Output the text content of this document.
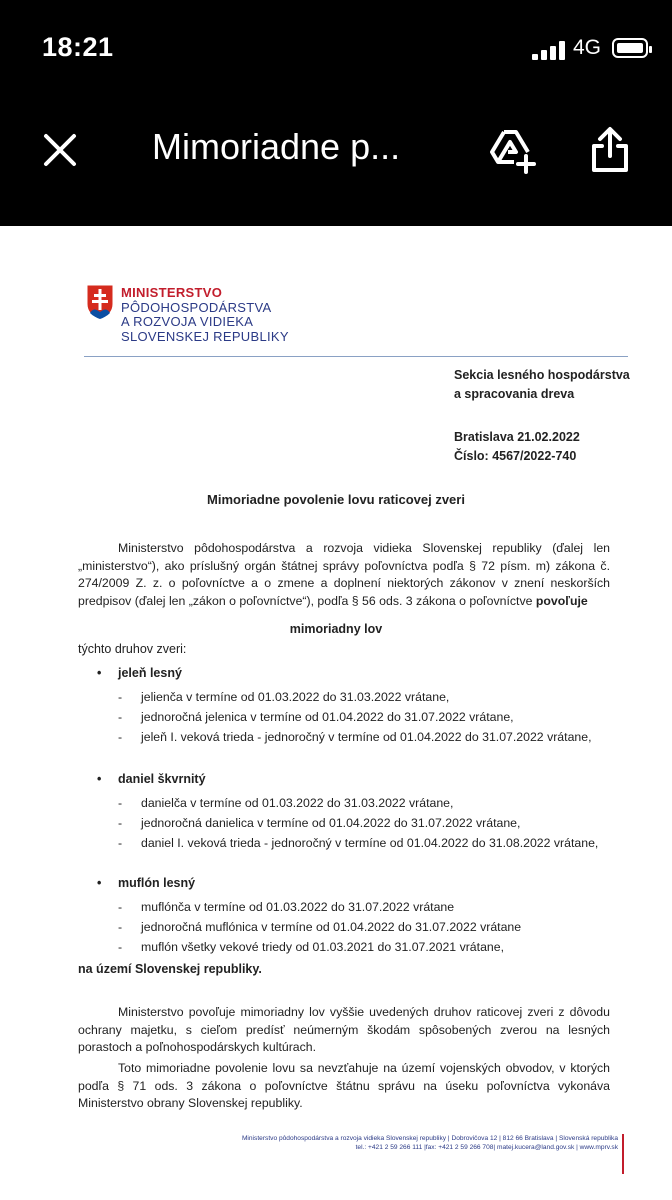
18:21	4G
Mimoriadne p...
MINISTERSTVO
PÔDOHOSPODÁRSTVA
A ROZVOJA VIDIEKA
SLOVENSKEJ REPUBLIKY
Sekcia lesného hospodárstva
a spracovania dreva
Bratislava 21.02.2022
Číslo: 4567/2022-740
Mimoriadne povolenie lovu raticovej zveri
Ministerstvo pôdohospodárstva a rozvoja vidieka Slovenskej republiky (ďalej len „ministerstvo“), ako príslušný orgán štátnej správy poľovníctva podľa § 72 písm. m) zákona č. 274/2009 Z. z. o poľovníctve a o zmene a doplnení niektorých zákonov v znení neskorších predpisov (ďalej len „zákon o poľovníctve“), podľa § 56 ods. 3 zákona o poľovníctve povoľuje
mimoriadny lov
týchto druhov zveri:
• jeleň lesný
- jelienča v termíne od 01.03.2022 do 31.03.2022 vrátane,
- jednoročná jelenica v termíne od 01.04.2022 do 31.07.2022 vrátane,
- jeleň I. veková trieda - jednoročný v termíne od 01.04.2022 do 31.07.2022 vrátane,
• daniel škvrnitý
- danielča v termíne od 01.03.2022 do 31.03.2022 vrátane,
- jednoročná danielica v termíne od 01.04.2022 do 31.07.2022 vrátane,
- daniel I. veková trieda - jednoročný v termíne od 01.04.2022 do 31.08.2022 vrátane,
• muflón lesný
- muflónča v termíne od 01.03.2022 do 31.07.2022 vrátane
- jednoročná muflónica v termíne od 01.04.2022 do 31.07.2022 vrátane
- muflón všetky vekové triedy od 01.03.2021 do 31.07.2021 vrátane,
na území Slovenskej republiky.
Ministerstvo povoľuje mimoriadny lov vyššie uvedených druhov raticovej zveri z dôvodu ochrany majetku, s cieľom predísť neúmerným škodám spôsobených zverou na lesných porastoch a poľnohospodárskych kultúrach.
Toto mimoriadne povolenie lovu sa nevzťahuje na území vojenských obvodov, v ktorých podľa § 71 ods. 3 zákona o poľovníctve štátnu správu na úseku poľovníctva vykonáva Ministerstvo obrany Slovenskej republiky.
Ministerstvo pôdohospodárstva a rozvoja vidieka Slovenskej republiky | Dobrovičova 12 | 812 66 Bratislava | Slovenská republika
tel.: +421 2 59 266 111 |fax: +421 2 59 266 708| matej.kucera@land.gov.sk | www.mprv.sk
